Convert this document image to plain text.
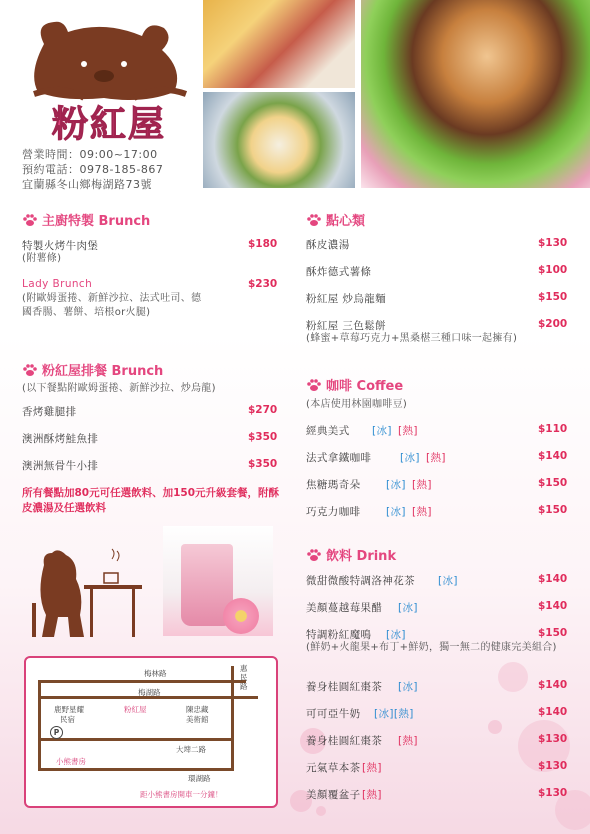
粉紅屋
營業時間：09:00~17:00
預約電話：0978-185-867
宜蘭縣冬山鄉梅湖路73號
主廚特製 Brunch
特製火烤牛肉堡	$180
(附薯條)
Lady Brunch	$230
(附歐姆蛋捲、新鮮沙拉、法式吐司、德國香腸、薯餅、培根or火腿)
粉紅屋排餐 Brunch
(以下餐點附歐姆蛋捲、新鮮沙拉、炒烏龍)
香烤雞腿排	$270
澳洲酥烤鮭魚排	$350
澳洲無骨牛小排	$350
所有餐點加80元可任選飲料、加150元升級套餐，附酥皮濃湯及任選飲料
梅林路
梅湖路
大埤二路
環湖路
惠民路
鹿野星耀
民宿
粉紅屋	陳忠藏
美術館
小熊書房
P
距小熊書房開車一分鐘！
點心類
酥皮濃湯	$130
酥炸德式薯條	$100
粉紅屋 炒烏龍麵	$150
粉紅屋 三色鬆餅	$200
(蜂蜜+草莓巧克力+黑桑椹三種口味一起擁有)
咖啡 Coffee
(本店使用林園咖啡豆)
經典美式 [冰] [熱]	$110
法式拿鐵咖啡	[冰] [熱]	$140
焦糖瑪奇朵 [冰] [熱]	$150
巧克力咖啡 [冰] [熱]	$150
飲料 Drink
微甜微酸特調洛神花茶 [冰]	$140
美顏蔓越莓果醋 [冰]	$140
特調粉紅魔鳴 [冰]	$150
(鮮奶+火龍果+布丁+鮮奶，獨一無二的健康完美組合)
養身桂圓紅棗茶 [冰]	$140
可可亞牛奶 [冰][熱]	$140
養身桂圓紅棗茶 [熱]	$130
元氣草本茶 [熱]	$130
美顏覆盆子 [熱]	$130
